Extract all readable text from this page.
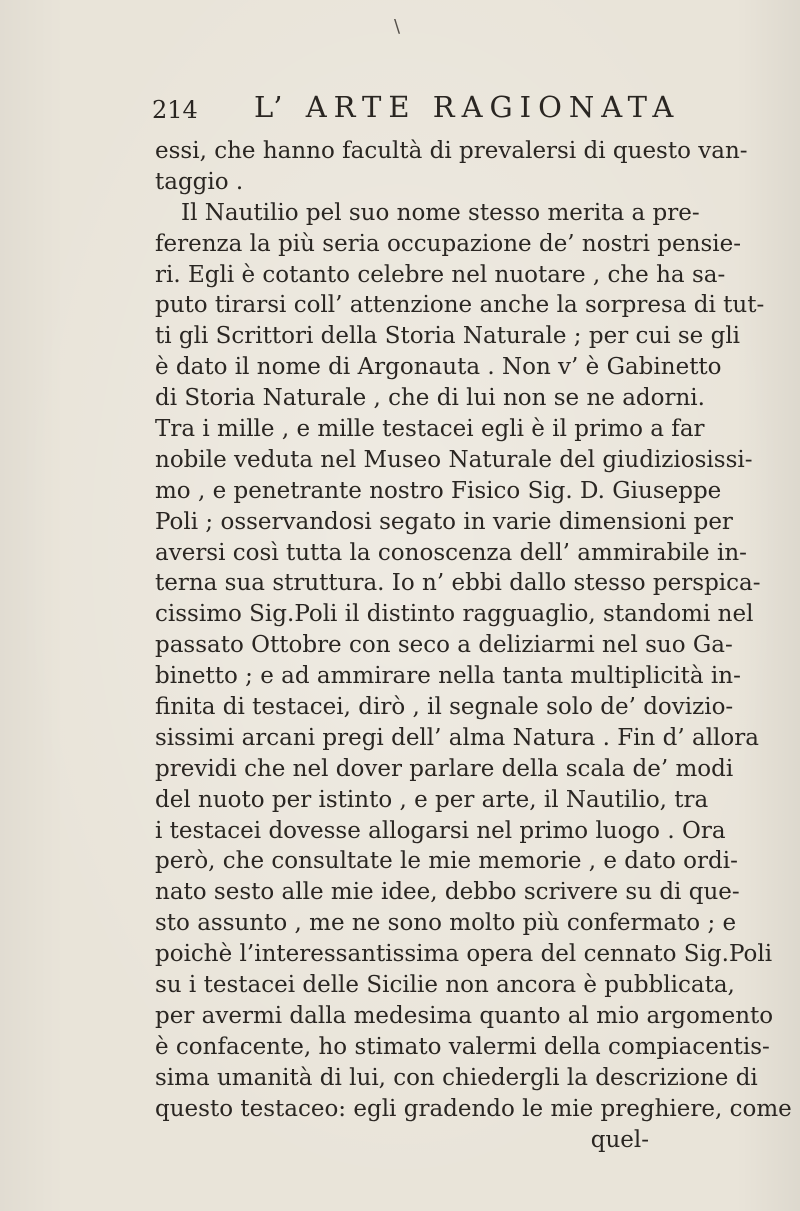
\
214 L’ ARTE RAGIONATA
essi, che hanno facultà di prevalersi di questo van-
taggio .
Il Nautilio pel suo nome stesso merita a pre-
ferenza la più seria occupazione de’ nostri pensie-
ri. Egli è cotanto celebre nel nuotare , che ha sa-
puto tirarsi coll’ attenzione anche la sorpresa di tut-
ti gli Scrittori della Storia Naturale ; per cui se gli
è dato il nome di Argonauta . Non v’ è Gabinetto
di Storia Naturale , che di lui non se ne adorni.
Tra i mille , e mille testacei egli è il primo a far
nobile veduta nel Museo Naturale del giudiziosissi-
mo , e penetrante nostro Fisico Sig. D. Giuseppe
Poli ; osservandosi segato in varie dimensioni per
aversi così tutta la conoscenza dell’ ammirabile in-
terna sua struttura. Io n’ ebbi dallo stesso perspica-
cissimo Sig.Poli il distinto ragguaglio, standomi nel
passato Ottobre con seco a deliziarmi nel suo Ga-
binetto ; e ad ammirare nella tanta multiplicità in-
finita di testacei, dirò , il segnale solo de’ dovizio-
sissimi arcani pregi dell’ alma Natura . Fin d’ allora
previdi che nel dover parlare della scala de’ modi
del nuoto per istinto , e per arte, il Nautilio, tra
i testacei dovesse allogarsi nel primo luogo . Ora
però, che consultate le mie memorie , e dato ordi-
nato sesto alle mie idee, debbo scrivere su di que-
sto assunto , me ne sono molto più confermato ; e
poichè l’interessantissima opera del cennato Sig.Poli
su i testacei delle Sicilie non ancora è pubblicata,
per avermi dalla medesima quanto al mio argomento
è confacente, ho stimato valermi della compiacentis-
sima umanità di lui, con chiedergli la descrizione di
questo testaceo: egli gradendo le mie preghiere, come
quel-
